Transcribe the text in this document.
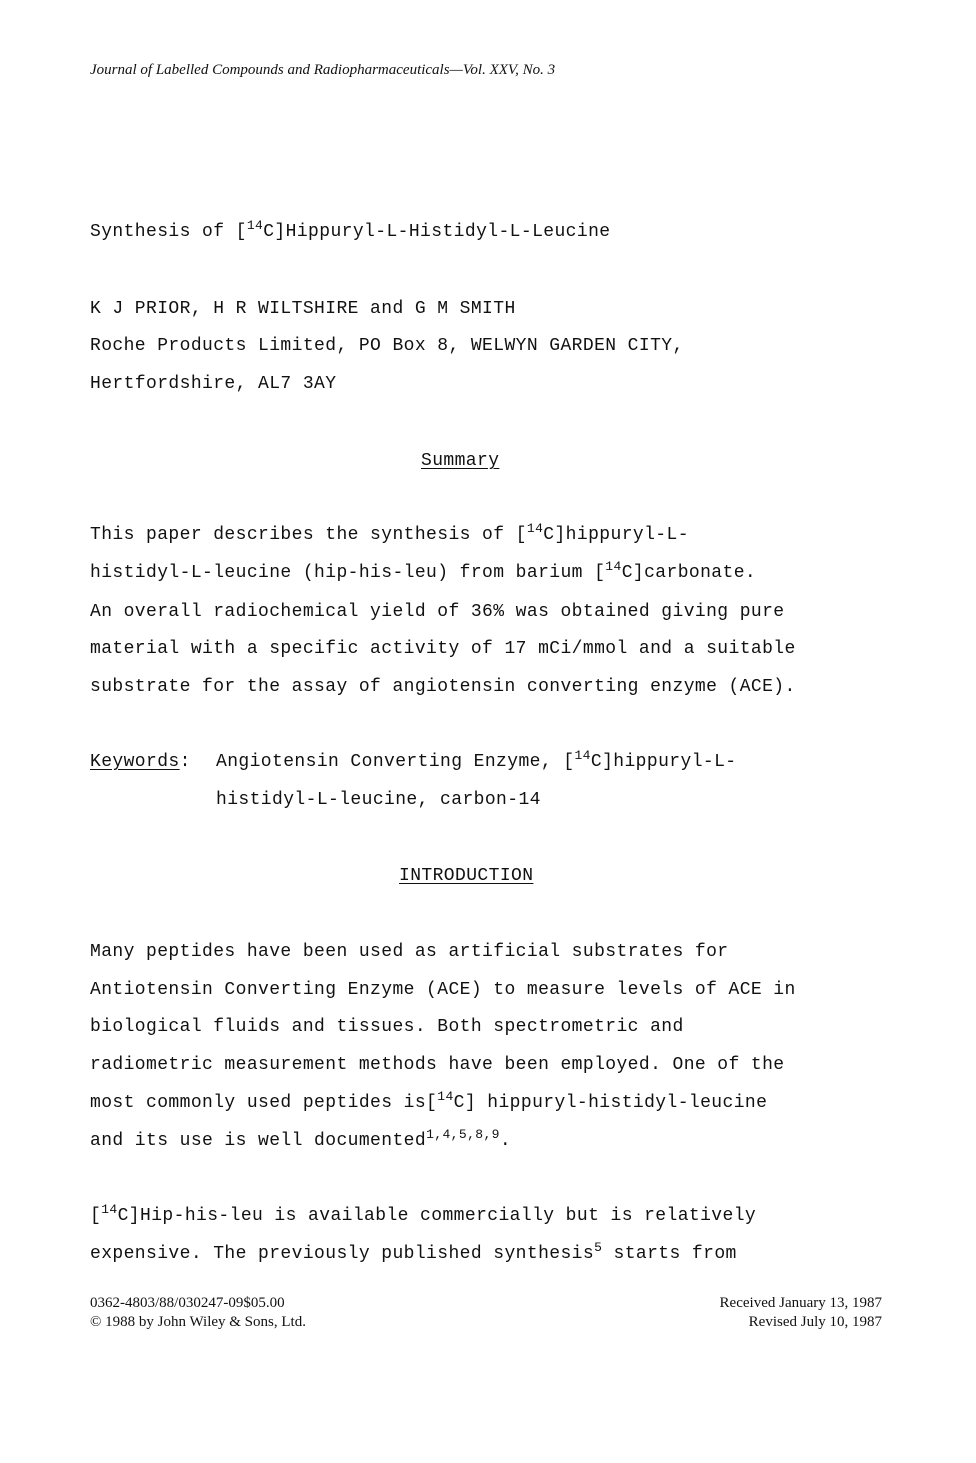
Journal of Labelled Compounds and Radiopharmaceuticals—Vol. XXV, No. 3
Synthesis of [$^{14}$C]Hippuryl-L-Histidyl-L-Leucine
K J PRIOR, H R WILTSHIRE and G M SMITH
Roche Products Limited, PO Box 8, WELWYN GARDEN CITY,
Hertfordshire, AL7 3AY
Summary
This paper describes the synthesis of [$^{14}$C]hippuryl-L-
histidyl-L-leucine (hip-his-leu) from barium [$^{14}$C]carbonate.
An overall radiochemical yield of 36% was obtained giving pure
material with a specific activity of 17 mCi/mmol and a suitable
substrate for the assay of angiotensin converting enzyme (ACE).
Keywords: Angiotensin Converting Enzyme, [$^{14}$C]hippuryl-L-
histidyl-L-leucine, carbon-14
INTRODUCTION
Many peptides have been used as artificial substrates for
Antiotensin Converting Enzyme (ACE) to measure levels of ACE in
biological fluids and tissues. Both spectrometric and
radiometric measurement methods have been employed. One of the
most commonly used peptides is[$^{14}$C] hippuryl-histidyl-leucine
and its use is well documented$^{1,4,5,8,9}$.
[$^{14}$C]Hip-his-leu is available commercially but is relatively
expensive. The previously published synthesis$^5$ starts from
0362-4803/88/030247-09$05.00
© 1988 by John Wiley & Sons, Ltd.
Received January 13, 1987
Revised July 10, 1987
